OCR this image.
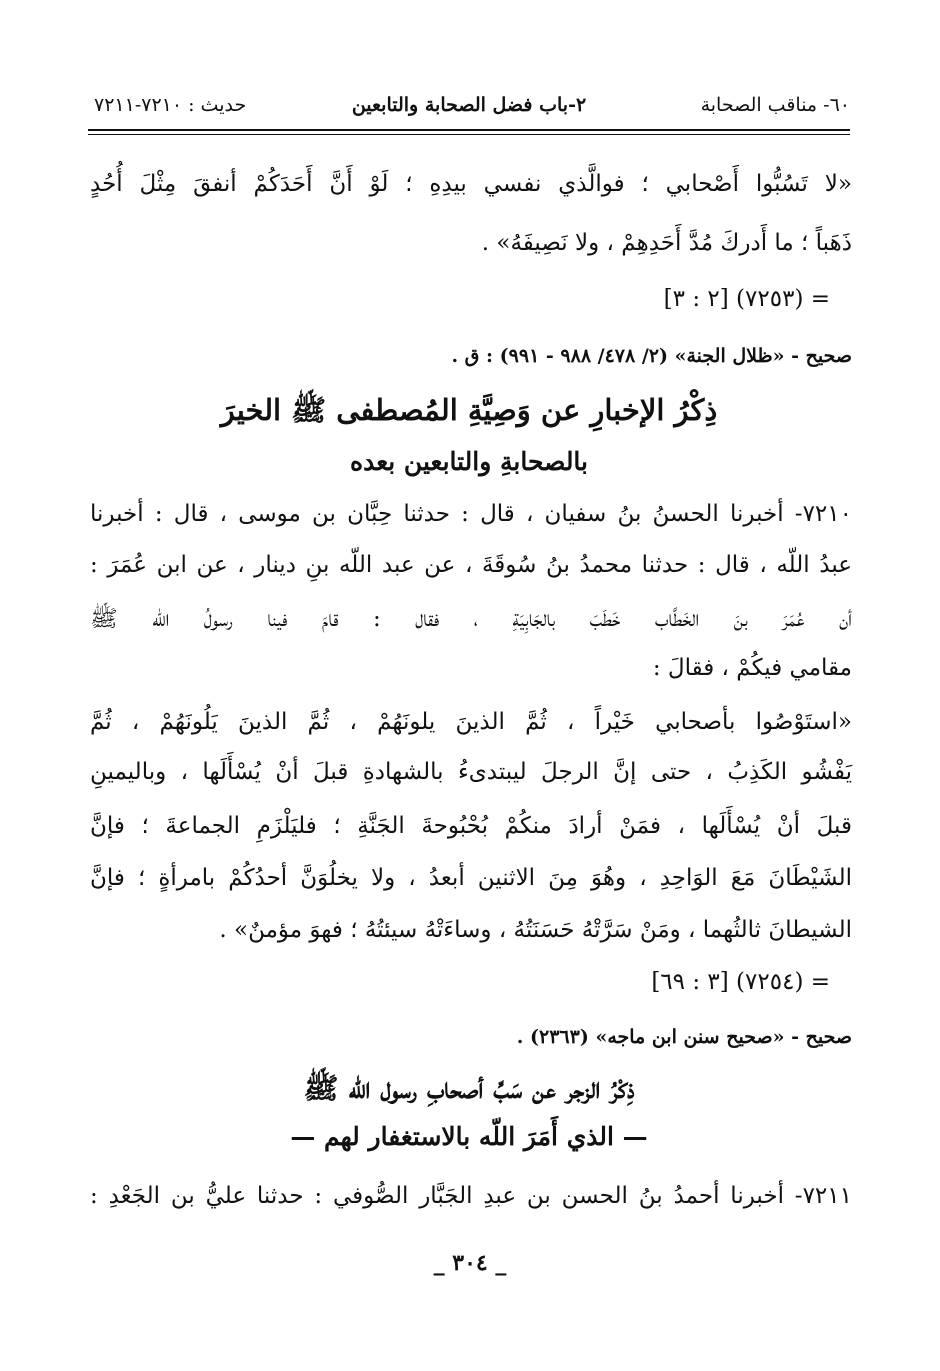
٦٠- مناقب الصحابة
٢-باب فضل الصحابة والتابعين
حديث : ٧٢١٠-٧٢١١
«لا تَسُبُّوا أَصْحابي ؛ فوالَّذي نفسي بيدِهِ ؛ لَوْ أَنَّ أَحَدَكُمْ أنفقَ مِثْلَ أُحُدٍ
ذَهَباً ؛ ما أَدركَ مُدَّ أَحَدِهِمْ ، ولا نَصِيفَهُ» .
= (٧٢٥٣) [٢ : ٣]
صحيح - «ظلال الجنة» (٢/ ٤٧٨/ ٩٨٨ - ٩٩١) : ق .
ذِكْرُ الإخبارِ عن وَصِيَّةِ المُصطفى ﷺ الخيرَ
بالصحابةِ والتابعين بعده
٧٢١٠- أخبرنا الحسنُ بنُ سفيان ، قال : حدثنا حِبَّان بن موسى ، قال : أخبرنا
عبدُ اللّه ، قال : حدثنا محمدُ بنُ سُوقَةَ ، عن عبد اللّه بنِ دينار ، عن ابن عُمَرَ :
أن عُمَرَ بنَ الخَطَّاب خَطَبَ بالجَابِيَةِ ، فقال : قامَ فينا رسولُ اللّه ﷺ
مقامي فيكُمْ ، فقالَ :
«استَوْصُوا بأصحابي خَيْراً ، ثُمَّ الذينَ يلونَهُمْ ، ثُمَّ الذينَ يَلُونَهُمْ ، ثُمَّ
يَفْشُو الكَذِبُ ، حتى إنَّ الرجلَ ليبتدىءُ بالشهادةِ قبلَ أنْ يُسْأَلَها ، وباليمينِ
قبلَ أنْ يُسْأَلَها ، فمَنْ أرادَ منكُمْ بُحْبُوحةَ الجَنَّةِ ؛ فليَلْزَمِ الجماعةَ ؛ فإنَّ
الشَيْطَانَ مَعَ الوَاحِدِ ، وهُوَ مِنَ الاثنين أبعدُ ، ولا يخلُوَنَّ أحدُكُمْ بامرأةٍ ؛ فإنَّ
الشيطانَ ثالثُهما ، ومَنْ سَرَّتْهُ حَسَنَتُهُ ، وساءَتْهُ سيئتُهُ ؛ فهوَ مؤمنٌ» .
= (٧٢٥٤) [٣ : ٦٩]
صحيح - «صحيح سنن ابن ماجه» (٢٣٦٣) .
ذِكْرُ الزجر عن سَبِّ أصحابِ رسول اللّه ﷺ
— الذي أَمَرَ اللّه بالاستغفار لهم —
٧٢١١- أخبرنا أحمدُ بنُ الحسن بن عبدِ الجَبَّار الصُّوفي : حدثنا عليُّ بن الجَعْدِ :
_ ٣٠٤ _
